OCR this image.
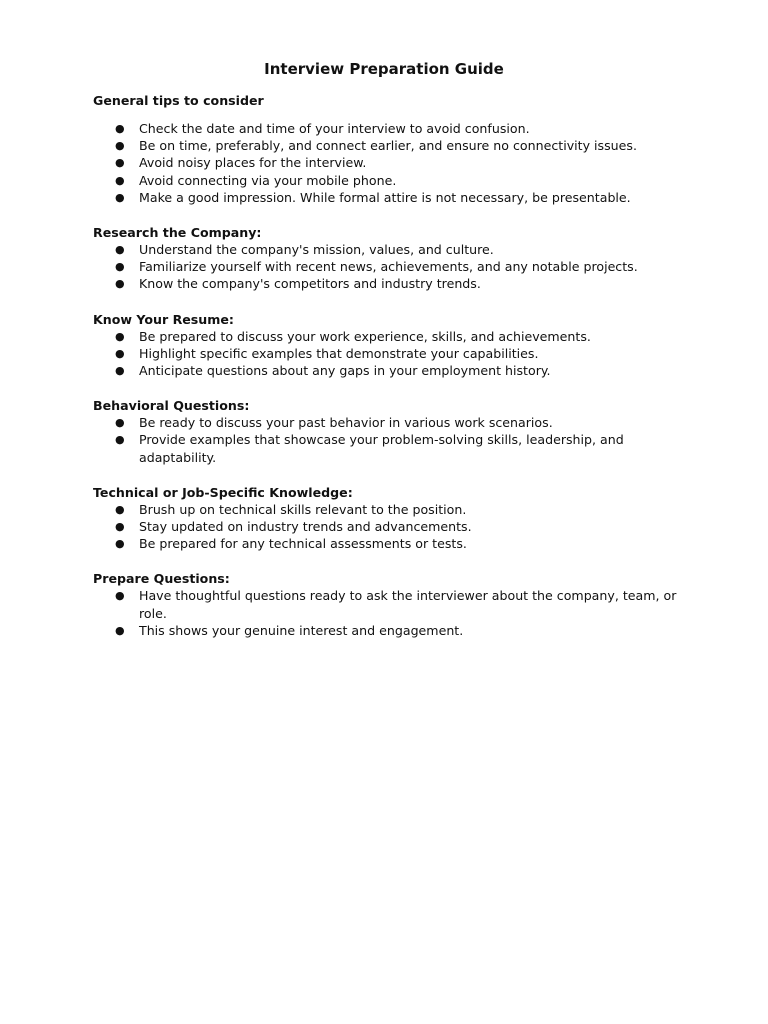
Interview Preparation Guide

General tips to consider

● Check the date and time of your interview to avoid confusion.
● Be on time, preferably, and connect earlier, and ensure no connectivity issues.
● Avoid noisy places for the interview.
● Avoid connecting via your mobile phone.
● Make a good impression. While formal attire is not necessary, be presentable.

Research the Company:

● Understand the company's mission, values, and culture.
● Familiarize yourself with recent news, achievements, and any notable projects.
● Know the company's competitors and industry trends.

Know Your Resume:

● Be prepared to discuss your work experience, skills, and achievements.
● Highlight specific examples that demonstrate your capabilities.
● Anticipate questions about any gaps in your employment history.

Behavioral Questions:

● Be ready to discuss your past behavior in various work scenarios.
● Provide examples that showcase your problem-solving skills, leadership, and adaptability.

Technical or Job-Specific Knowledge:

● Brush up on technical skills relevant to the position.
● Stay updated on industry trends and advancements.
● Be prepared for any technical assessments or tests.

Prepare Questions:

● Have thoughtful questions ready to ask the interviewer about the company, team, or role.
● This shows your genuine interest and engagement.
